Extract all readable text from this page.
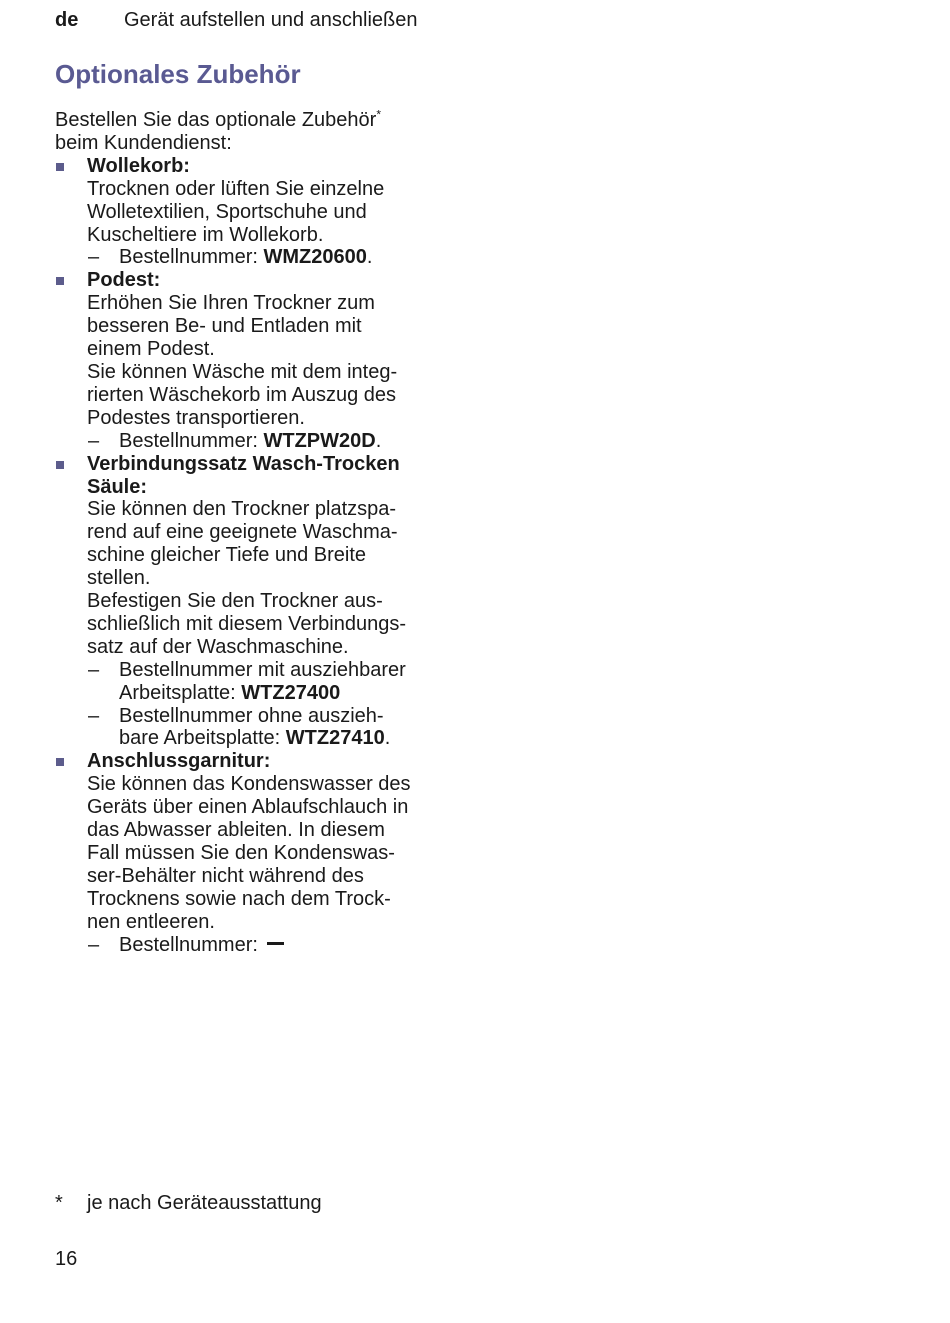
de Gerät aufstellen und anschließen
Optionales Zubehör

Bestellen Sie das optionale Zubehör*
beim Kundendienst:

Wollekorb:
Trocknen oder lüften Sie einzelne
Wolletextilien, Sportschuhe und
Kuscheltiere im Wollekorb.
– Bestellnummer: WMZ20600.
Podest:
Erhöhen Sie Ihren Trockner zum
besseren Be- und Entladen mit
einem Podest.
Sie können Wäsche mit dem integ-
rierten Wäschekorb im Auszug des
Podestes transportieren.
– Bestellnummer: WTZPW20D.
Verbindungssatz Wasch-Trocken
Säule:
Sie können den Trockner platzspa-
rend auf eine geeignete Waschma-
schine gleicher Tiefe und Breite
stellen.
Befestigen Sie den Trockner aus-
schließlich mit diesem Verbindungs-
satz auf der Waschmaschine.
– Bestellnummer mit ausziehbarer
Arbeitsplatte: WTZ27400
– Bestellnummer ohne auszieh-
bare Arbeitsplatte: WTZ27410.
Anschlussgarnitur:
Sie können das Kondenswasser des
Geräts über einen Ablaufschlauch in
das Abwasser ableiten. In diesem
Fall müssen Sie den Kondenswas-
ser-Behälter nicht während des
Trocknens sowie nach dem Trock-
nen entleeren.
– Bestellnummer:
* je nach Geräteausstattung
16
